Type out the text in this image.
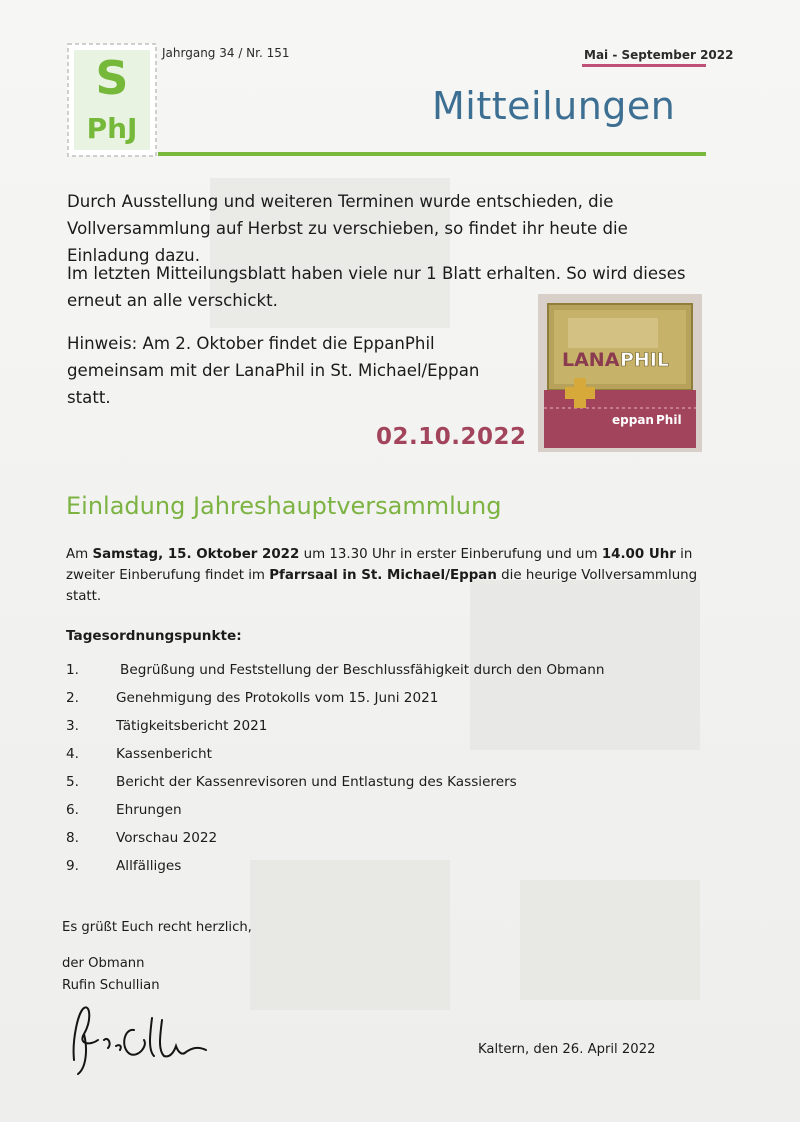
S
PhJ
Jahrgang 34 / Nr. 151	Mai - September 2022
Mitteilungen
Durch Ausstellung und weiteren Terminen wurde entschieden, die Vollversammlung auf Herbst zu verschieben, so findet ihr heute die Einladung dazu.
Im letzten Mitteilungsblatt haben viele nur 1 Blatt erhalten. So wird dieses erneut an alle verschickt.
Hinweis: Am 2. Oktober findet die EppanPhil gemeinsam mit der LanaPhil in St. Michael/Eppan statt.
LANA PHIL
eppan Phil
02.10.2022
Einladung Jahreshauptversammlung
Am Samstag, 15. Oktober 2022 um 13.30 Uhr in erster Einberufung und um 14.00 Uhr in zweiter Einberufung findet im Pfarrsaal in St. Michael/Eppan die heurige Vollversammlung statt.
Tagesordnungspunkte:
1.	Begrüßung und Feststellung der Beschlussfähigkeit durch den Obmann
2.	Genehmigung des Protokolls vom 15. Juni 2021
3.	Tätigkeitsbericht 2021
4.	Kassenbericht
5.	Bericht der Kassenrevisoren und Entlastung des Kassierers
6.	Ehrungen
8.	Vorschau 2022
9.	Allfälliges
Es grüßt Euch recht herzlich,
der Obmann
Rufin Schullian
Kaltern, den 26. April 2022
